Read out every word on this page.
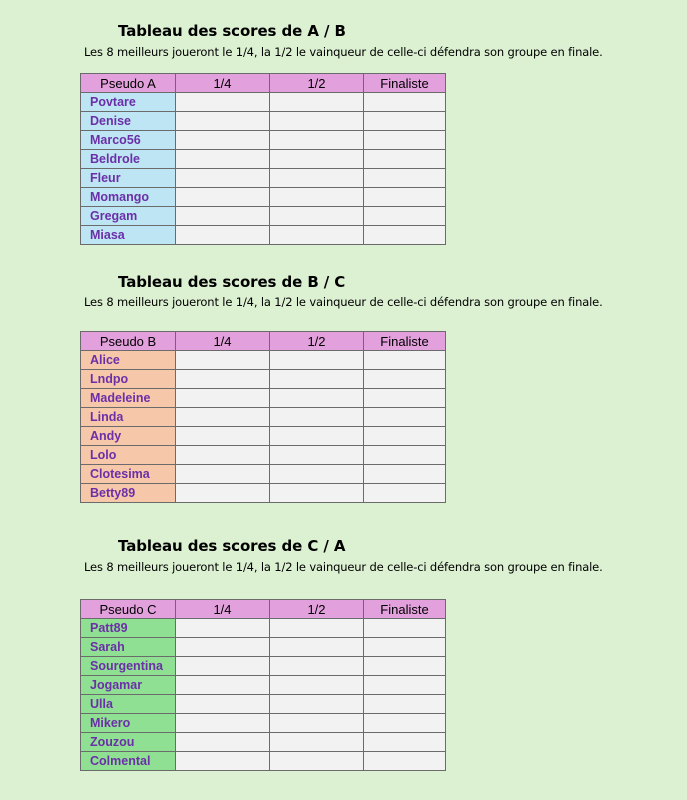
Tableau des scores de A / B
Les 8 meilleurs joueront le 1/4, la 1/2 le vainqueur de celle-ci défendra son groupe en finale.
Pseudo A	1/4	1/2	Finaliste
Povtare			
Denise			
Marco56			
Beldrole			
Fleur			
Momango			
Gregam			
Miasa			
Tableau des scores de B / C
Les 8 meilleurs joueront le 1/4, la 1/2 le vainqueur de celle-ci défendra son groupe en finale.
Pseudo B	1/4	1/2	Finaliste
Alice			
Lndpo			
Madeleine			
Linda			
Andy			
Lolo			
Clotesima			
Betty89			
Tableau des scores de C / A
Les 8 meilleurs joueront le 1/4, la 1/2 le vainqueur de celle-ci défendra son groupe en finale.
Pseudo C	1/4	1/2	Finaliste
Patt89			
Sarah			
Sourgentina			
Jogamar			
Ulla			
Mikero			
Zouzou			
Colmental			
